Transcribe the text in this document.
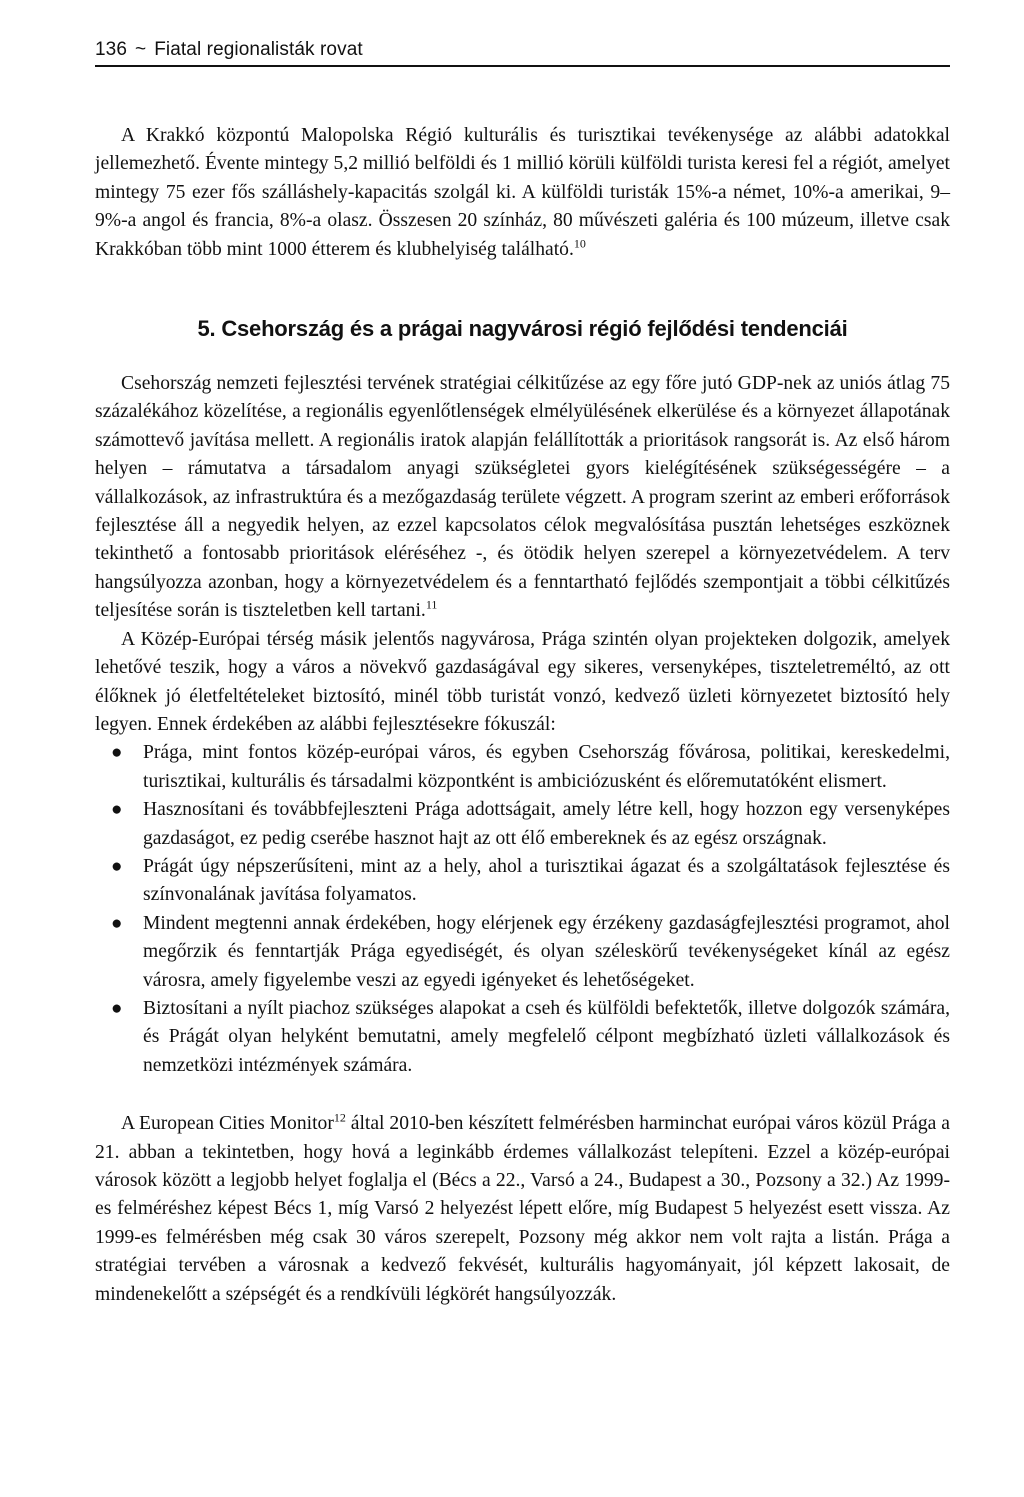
136 ~ Fiatal regionalisták rovat

A Krakkó központú Malopolska Régió kulturális és turisztikai tevékenysége az alábbi adatokkal jellemezhető. Évente mintegy 5,2 millió belföldi és 1 millió körüli külföldi turista keresi fel a régiót, amelyet mintegy 75 ezer fős szálláshely-kapacitás szolgál ki. A külföldi turisták 15%-a német, 10%-a amerikai, 9–9%-a angol és francia, 8%-a olasz. Összesen 20 színház, 80 művészeti galéria és 100 múzeum, illetve csak Krakkóban több mint 1000 étterem és klubhelyiség található.$^{10}$

5. Csehország és a prágai nagyvárosi régió fejlődési tendenciái

Csehország nemzeti fejlesztési tervének stratégiai célkitűzése az egy főre jutó GDP-nek az uniós átlag 75 százalékához közelítése, a regionális egyenlőtlenségek elmélyülésének elkerülése és a környezet állapotának számottevő javítása mellett. A regionális iratok alapján felállították a prioritások rangsorát is. Az első három helyen – rámutatva a társadalom anyagi szükségletei gyors kielégítésének szükségességére – a vállalkozások, az infrastruktúra és a mezőgazdaság területe végzett. A program szerint az emberi erőforrások fejlesztése áll a negyedik helyen, az ezzel kapcsolatos célok megvalósítása pusztán lehetséges eszköznek tekinthető a fontosabb prioritások eléréséhez -, és ötödik helyen szerepel a környezetvédelem. A terv hangsúlyozza azonban, hogy a környezetvédelem és a fenntartható fejlődés szempontjait a többi célkitűzés teljesítése során is tiszteletben kell tartani.$^{11}$

A Közép-Európai térség másik jelentős nagyvárosa, Prága szintén olyan projekteken dolgozik, amelyek lehetővé teszik, hogy a város a növekvő gazdaságával egy sikeres, versenyképes, tiszteletreméltó, az ott élőknek jó életfeltételeket biztosító, minél több turistát vonzó, kedvező üzleti környezetet biztosító hely legyen. Ennek érdekében az alábbi fejlesztésekre fókuszál:

● Prága, mint fontos közép-európai város, és egyben Csehország fővárosa, politikai, kereskedelmi, turisztikai, kulturális és társadalmi központként is ambiciózusként és előremutatóként elismert.
● Hasznosítani és továbbfejleszteni Prága adottságait, amely létre kell, hogy hozzon egy versenyképes gazdaságot, ez pedig cserébe hasznot hajt az ott élő embereknek és az egész országnak.
● Prágát úgy népszerűsíteni, mint az a hely, ahol a turisztikai ágazat és a szolgáltatások fejlesztése és színvonalának javítása folyamatos.
● Mindent megtenni annak érdekében, hogy elérjenek egy érzékeny gazdaságfejlesztési programot, ahol megőrzik és fenntartják Prága egyediségét, és olyan széleskörű tevékenységeket kínál az egész városra, amely figyelembe veszi az egyedi igényeket és lehetőségeket.
● Biztosítani a nyílt piachoz szükséges alapokat a cseh és külföldi befektetők, illetve dolgozók számára, és Prágát olyan helyként bemutatni, amely megfelelő célpont megbízható üzleti vállalkozások és nemzetközi intézmények számára.

A European Cities Monitor$^{12}$ által 2010-ben készített felmérésben harminchat európai város közül Prága a 21. abban a tekintetben, hogy hová a leginkább érdemes vállalkozást telepíteni. Ezzel a közép-európai városok között a legjobb helyet foglalja el (Bécs a 22., Varsó a 24., Budapest a 30., Pozsony a 32.) Az 1999-es felméréshez képest Bécs 1, míg Varsó 2 helyezést lépett előre, míg Budapest 5 helyezést esett vissza. Az 1999-es felmérésben még csak 30 város szerepelt, Pozsony még akkor nem volt rajta a listán. Prága a stratégiai tervében a városnak a kedvező fekvését, kulturális hagyományait, jól képzett lakosait, de mindenekelőtt a szépségét és a rendkívüli légkörét hangsúlyozzák.
